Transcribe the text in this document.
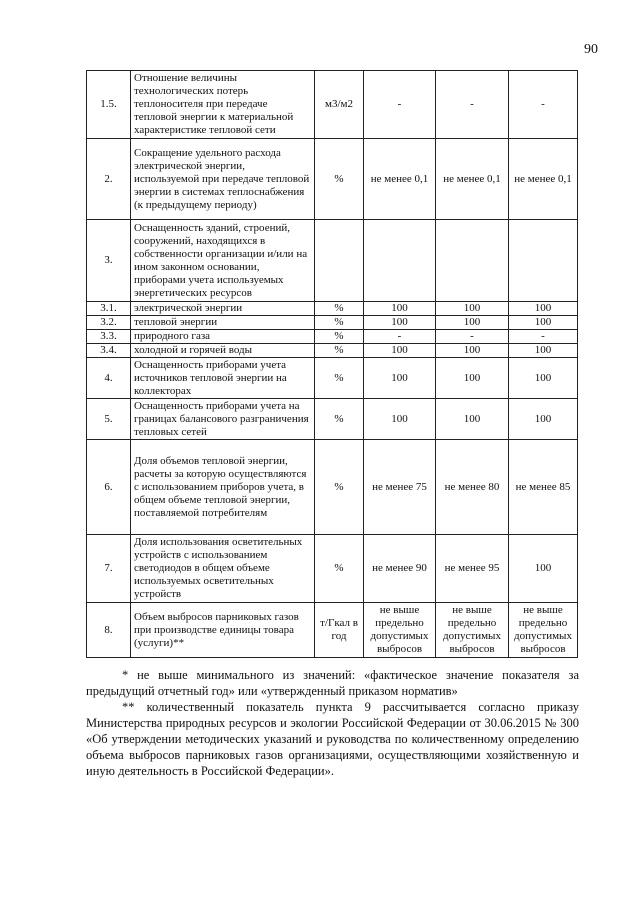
90
1.5.	Отношение величины технологических потерь теплоносителя при передаче тепловой энергии к материальной характеристике тепловой сети	м3/м2	-	-	-
2.	Сокращение удельного расхода электрической энергии, используемой при передаче тепловой энергии в системах теплоснабжения (к предыдущему периоду)	%	не менее 0,1	не менее 0,1	не менее 0,1
3.	Оснащенность зданий, строений, сооружений, находящихся в собственности организации и/или на ином законном основании, приборами учета используемых энергетических ресурсов				
3.1.	электрической энергии	%	100	100	100
3.2.	тепловой энергии	%	100	100	100
3.3.	природного газа	%	-	-	-
3.4.	холодной и горячей воды	%	100	100	100
4.	Оснащенность приборами учета источников тепловой энергии на коллекторах	%	100	100	100
5.	Оснащенность приборами учета на границах балансового разграничения тепловых сетей	%	100	100	100
6.	Доля объемов тепловой энергии, расчеты за которую осуществляются с использованием приборов учета, в общем объеме тепловой энергии, поставляемой потребителям	%	не менее 75	не менее 80	не менее 85
7.	Доля использования осветительных устройств с использованием светодиодов в общем объеме используемых осветительных устройств	%	не менее 90	не менее 95	100
8.	Объем выбросов парниковых газов при производстве единицы товара (услуги)**	т/Гкал в год	не выше предельно допустимых выбросов	не выше предельно допустимых выбросов	не выше предельно допустимых выбросов

* не выше минимального из значений: «фактическое значение показателя за предыдущий отчетный год» или «утвержденный приказом норматив»

** количественный показатель пункта 9 рассчитывается согласно приказу Министерства природных ресурсов и экологии Российской Федерации от 30.06.2015 № 300 «Об утверждении методических указаний и руководства по количественному определению объема выбросов парниковых газов организациями, осуществляющими хозяйственную и иную деятельность в Российской Федерации».
